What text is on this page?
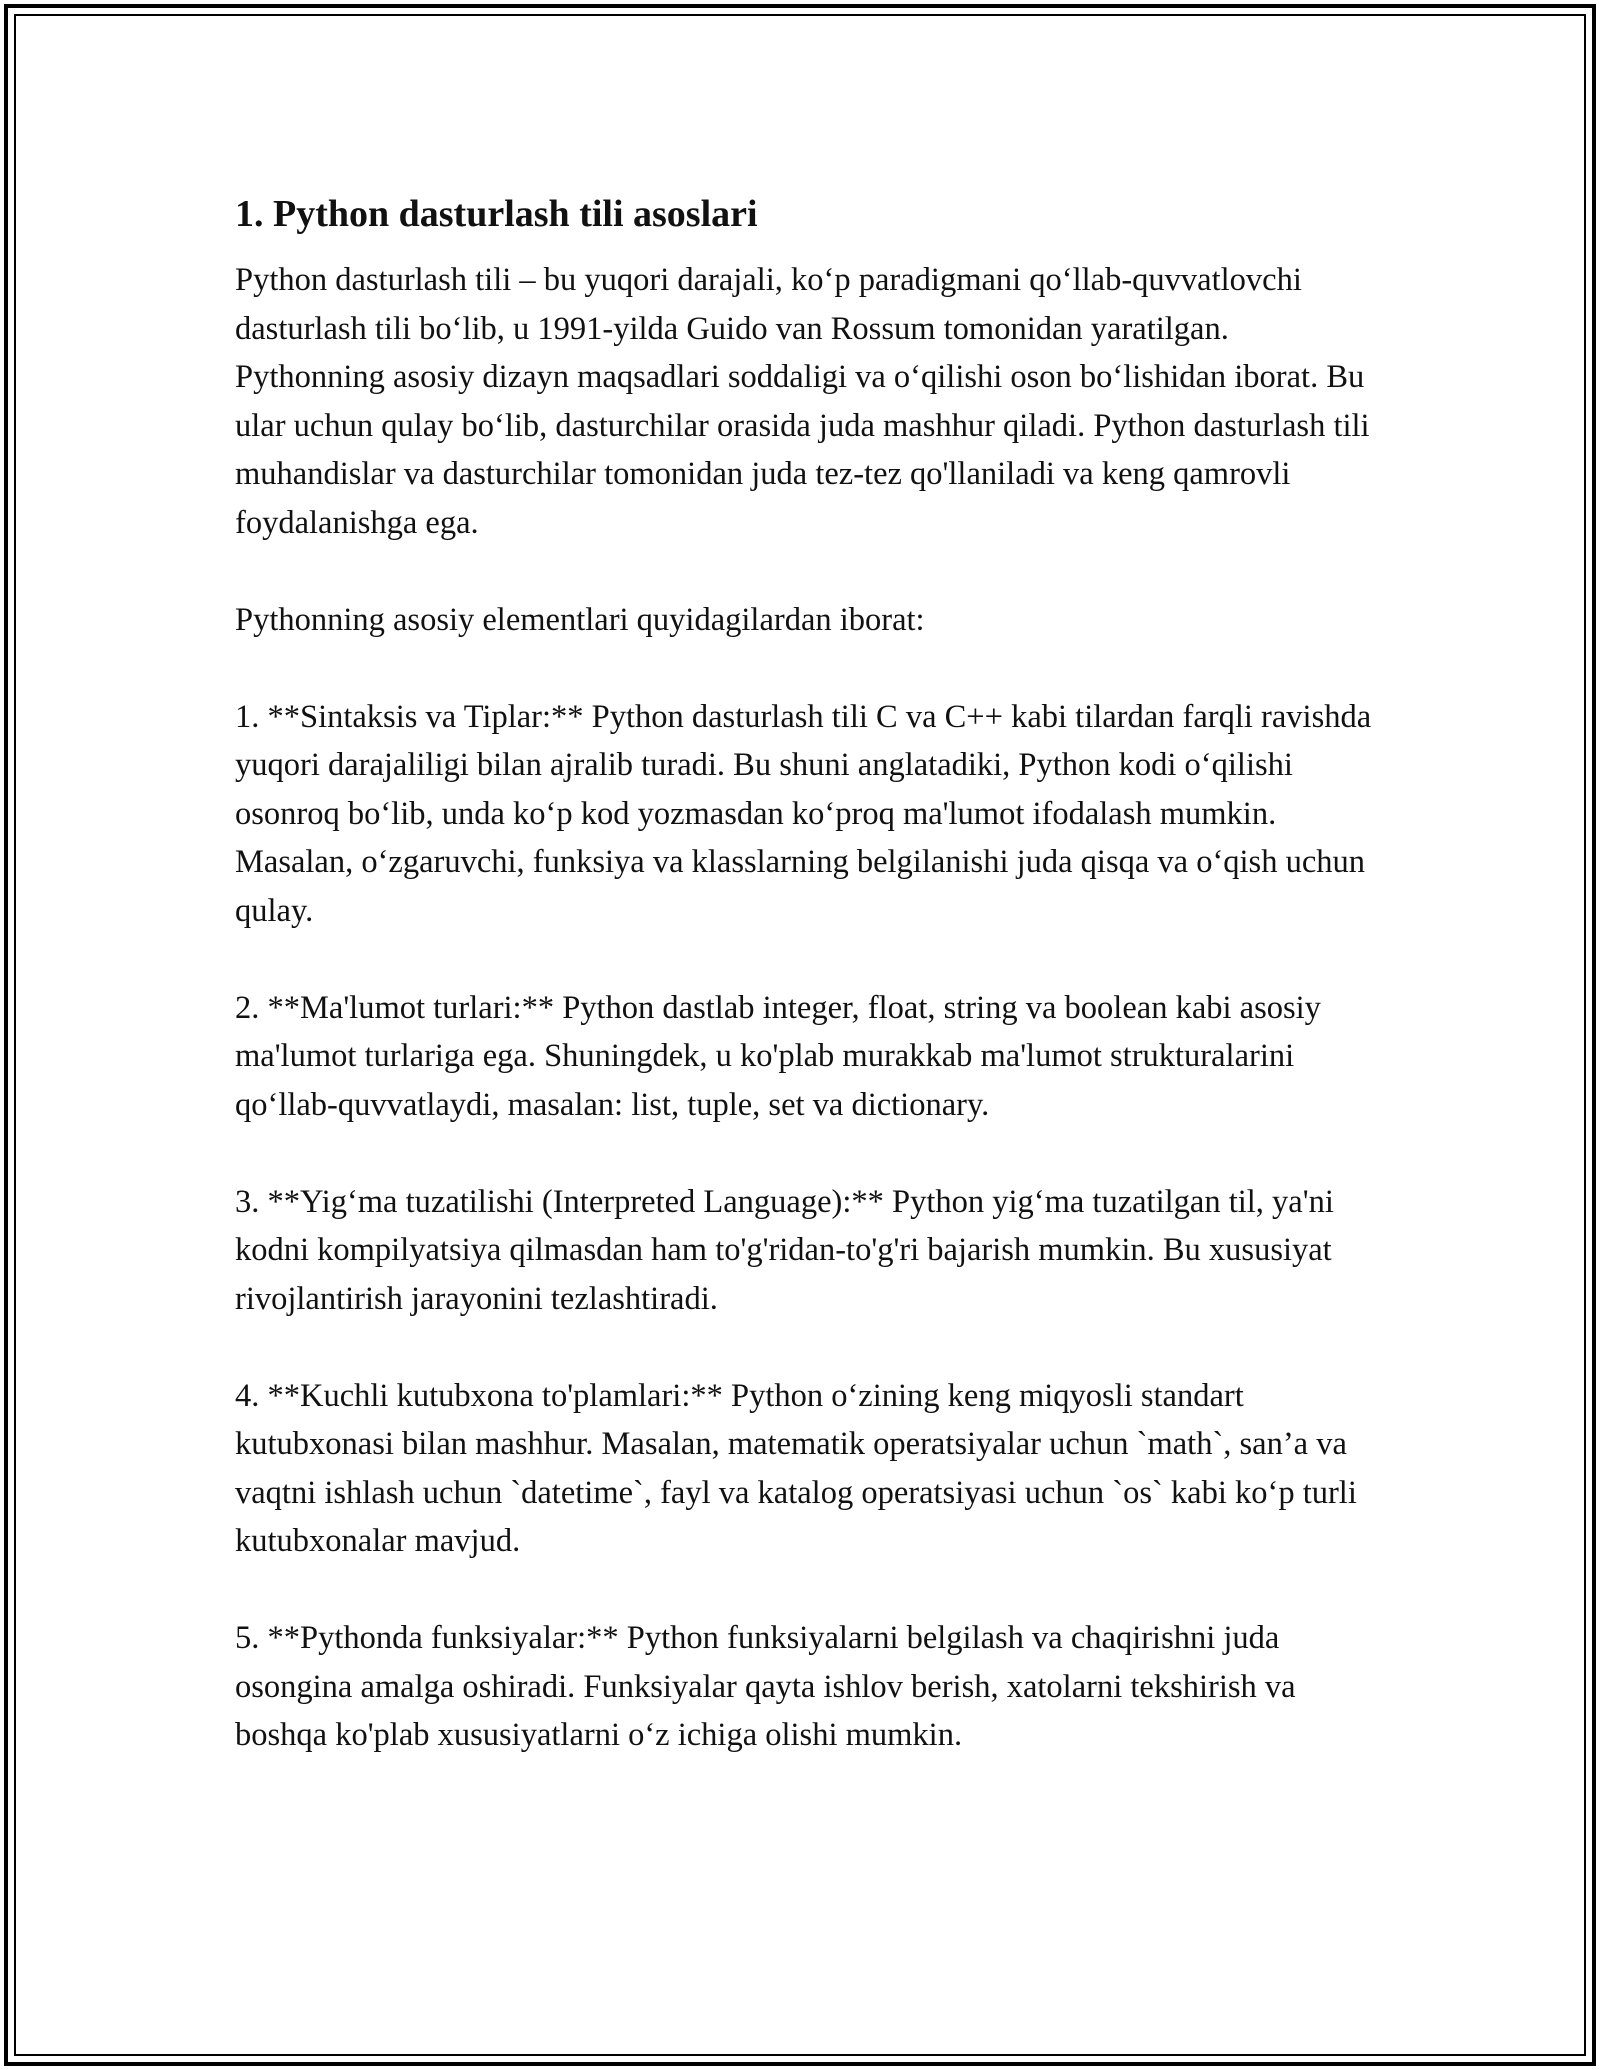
1. Python dasturlash tili asoslari

Python dasturlash tili – bu yuqori darajali, koʻp paradigmani qoʻllab-quvvatlovchi dasturlash tili boʻlib, u 1991-yilda Guido van Rossum tomonidan yaratilgan. Pythonning asosiy dizayn maqsadlari soddaligi va oʻqilishi oson boʻlishidan iborat. Bu ular uchun qulay boʻlib, dasturchilar orasida juda mashhur qiladi. Python dasturlash tili muhandislar va dasturchilar tomonidan juda tez-tez qo'llaniladi va keng qamrovli foydalanishga ega.

Pythonning asosiy elementlari quyidagilardan iborat:

1. **Sintaksis va Tiplar:** Python dasturlash tili C va C++ kabi tilardan farqli ravishda yuqori darajaliligi bilan ajralib turadi. Bu shuni anglatadiki, Python kodi oʻqilishi osonroq boʻlib, unda koʻp kod yozmasdan koʻproq ma'lumot ifodalash mumkin. Masalan, oʻzgaruvchi, funksiya va klasslarning belgilanishi juda qisqa va oʻqish uchun qulay.

2. **Ma'lumot turlari:** Python dastlab integer, float, string va boolean kabi asosiy ma'lumot turlariga ega. Shuningdek, u ko'plab murakkab ma'lumot strukturalarini qoʻllab-quvvatlaydi, masalan: list, tuple, set va dictionary.

3. **Yigʻma tuzatilishi (Interpreted Language):** Python yigʻma tuzatilgan til, ya'ni kodni kompilyatsiya qilmasdan ham to'g'ridan-to'g'ri bajarish mumkin. Bu xususiyat rivojlantirish jarayonini tezlashtiradi.

4. **Kuchli kutubxona to'plamlari:** Python oʻzining keng miqyosli standart kutubxonasi bilan mashhur. Masalan, matematik operatsiyalar uchun `math`, san’a va vaqtni ishlash uchun `datetime`, fayl va katalog operatsiyasi uchun `os` kabi koʻp turli kutubxonalar mavjud.

5. **Pythonda funksiyalar:** Python funksiyalarni belgilash va chaqirishni juda osongina amalga oshiradi. Funksiyalar qayta ishlov berish, xatolarni tekshirish va boshqa ko'plab xususiyatlarni oʻz ichiga olishi mumkin.
